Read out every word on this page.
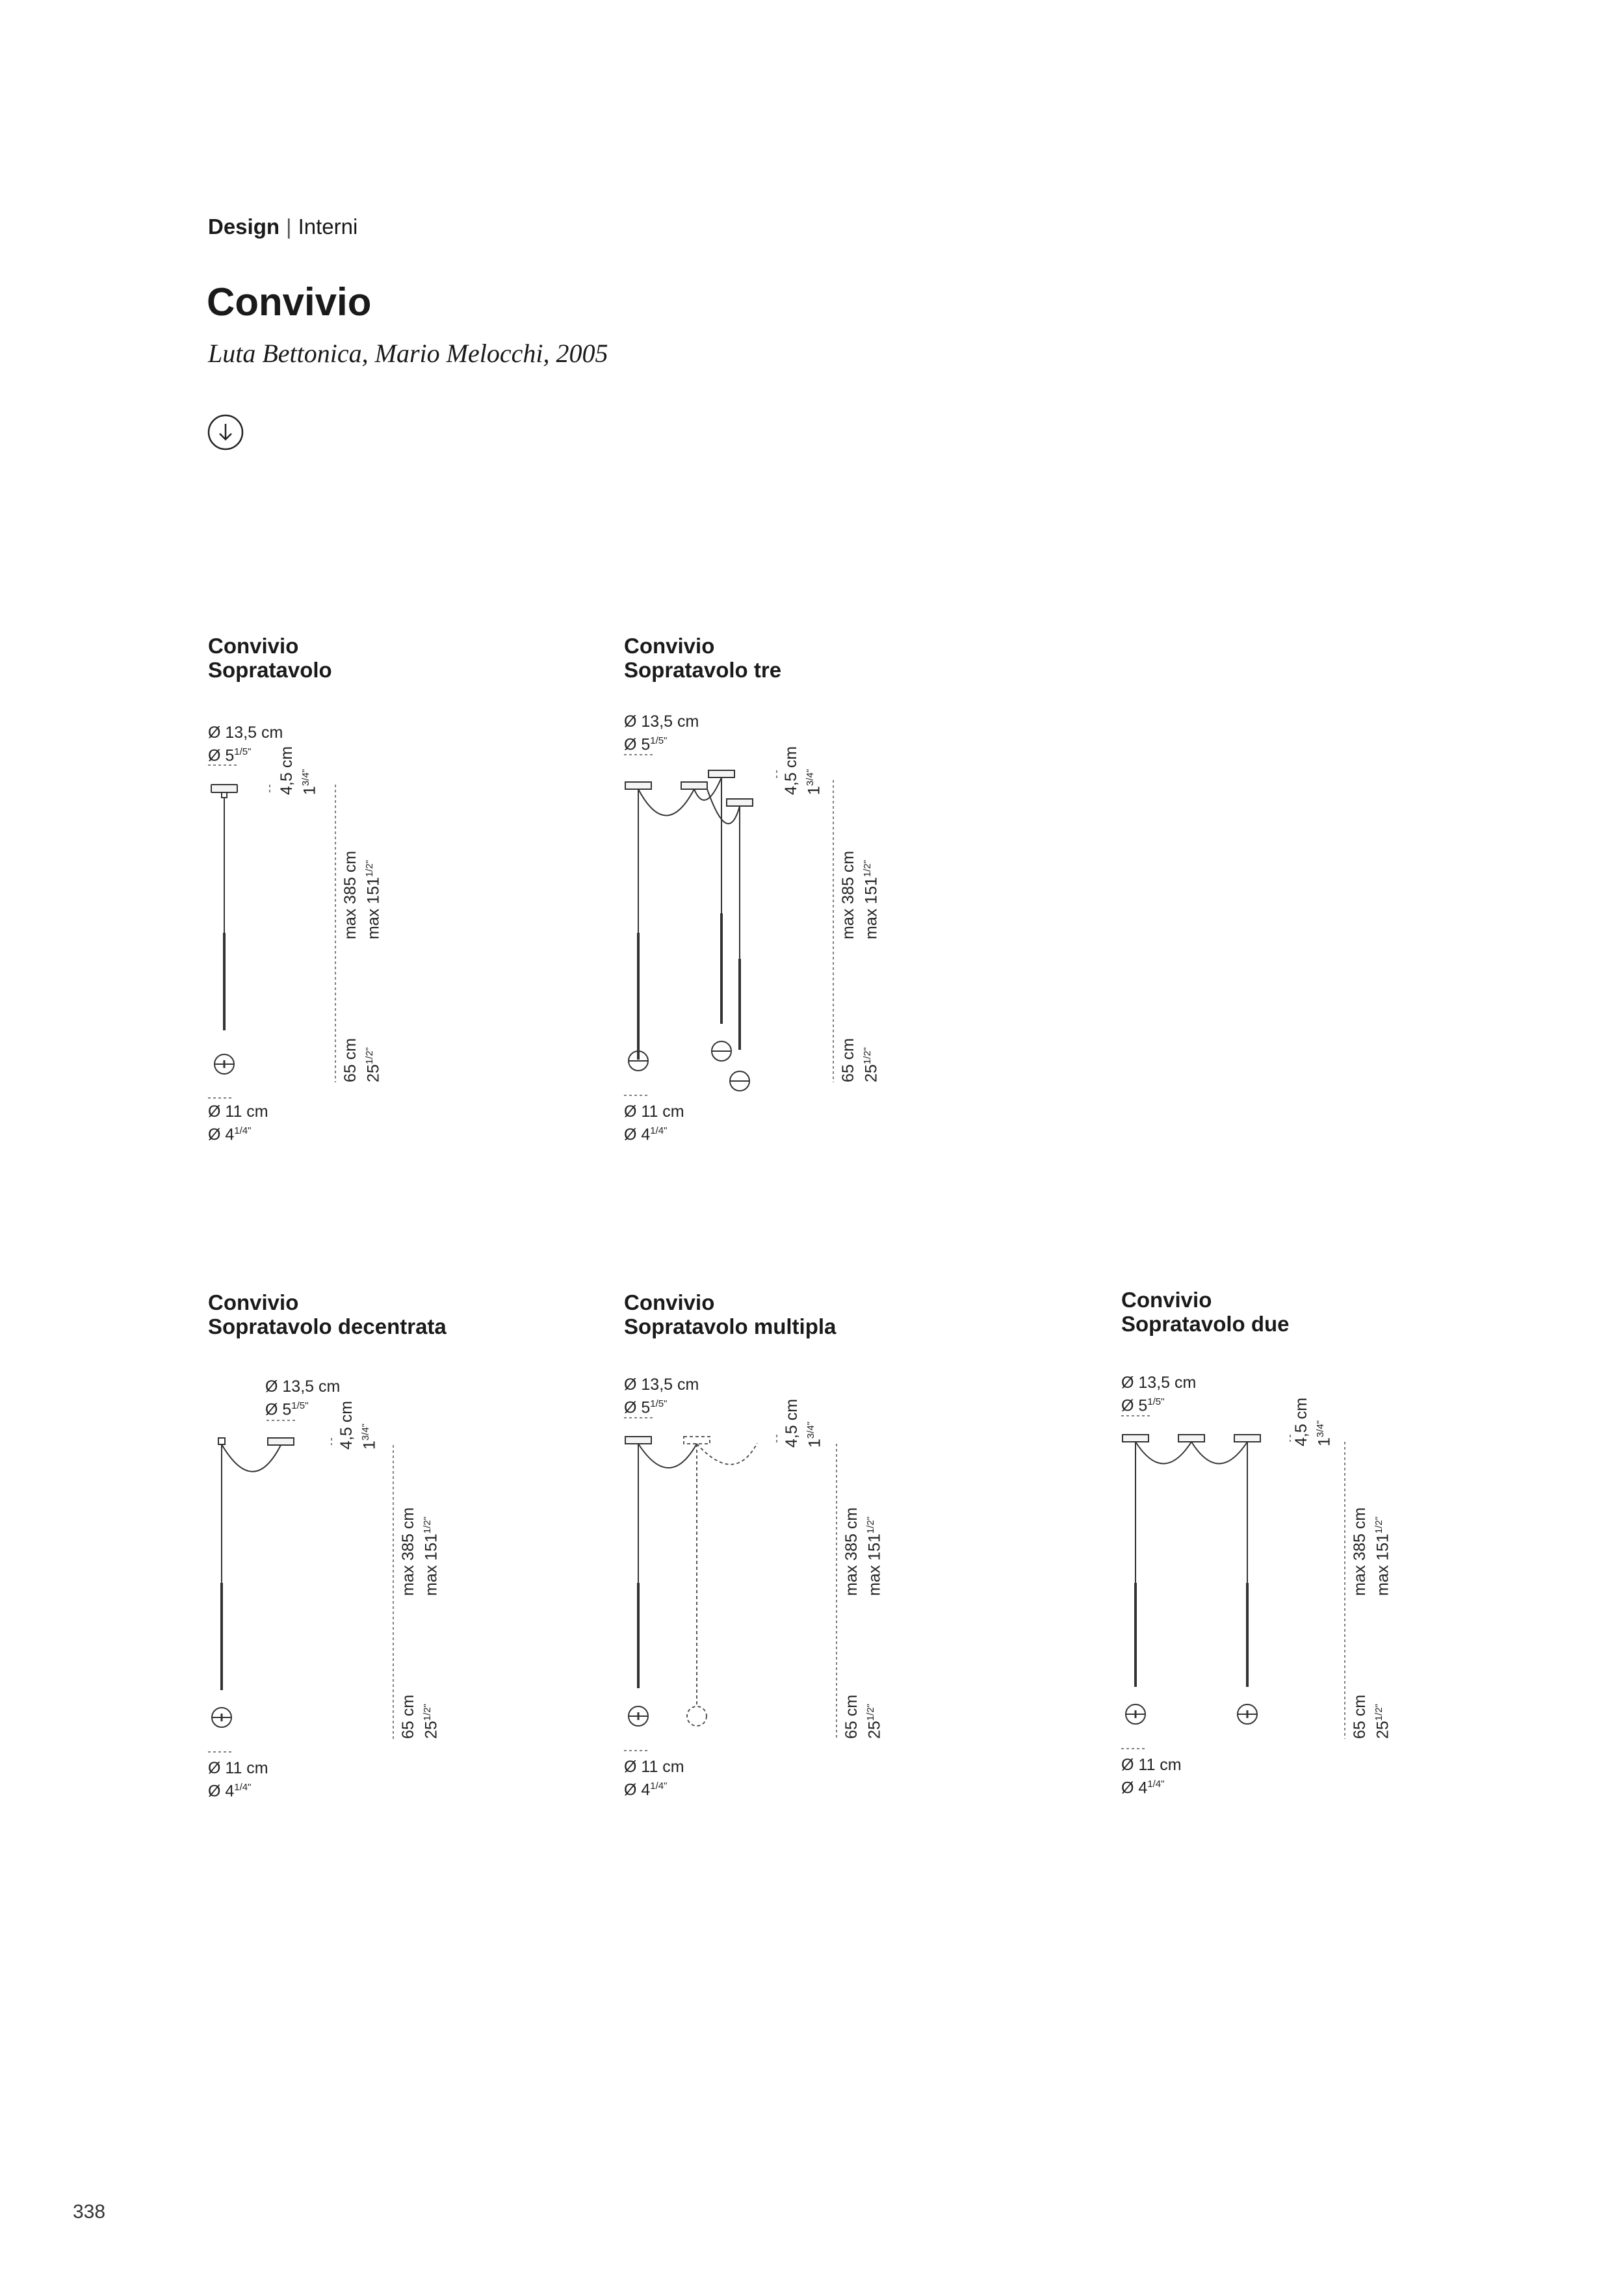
Design | Interni
Convivio
Luta Bettonica, Mario Melocchi, 2005
Convivio
Sopratavolo
Ø 13,5 cm
Ø $5^{1/5"}$ 4,5 cm $1^{3/4"}$
max 385 cm $\max 151^{1/2"}$
65 cm $25^{1/2"}$
Ø 11 cm
Ø $4^{1/4"}$
Convivio
Sopratavolo tre
Ø 13,5 cm
Ø $5^{1/5"}$
4,5 cm $1^{3/4"}$
max 385 cm $\max 151^{1/2"}$
65 cm $25^{1/2"}$
Ø 11 cm
Ø $4^{1/4"}$
Convivio
Sopratavolo decentrata
Ø 13,5 cm
Ø $5^{1/5"}$ 4,5 cm $1^{3/4"}$
max 385 cm $\max 151^{1/2"}$
65 cm $25^{1/2"}$
Ø 11 cm
Ø $4^{1/4"}$
Convivio
Sopratavolo multipla
Ø 13,5 cm
Ø $5^{1/5"}$	4,5 cm $1^{3/4"}$
max 385 cm $\max 151^{1/2"}$
65 cm $25^{1/2"}$
Ø 11 cm
Ø $4^{1/4"}$
Convivio
Sopratavolo due
Ø 13,5 cm
Ø $5^{1/5"}$	4,5 cm $1^{3/4"}$
max 385 cm $\max 151^{1/2"}$
65 cm $25^{1/2"}$
Ø 11 cm
Ø $4^{1/4"}$
338
